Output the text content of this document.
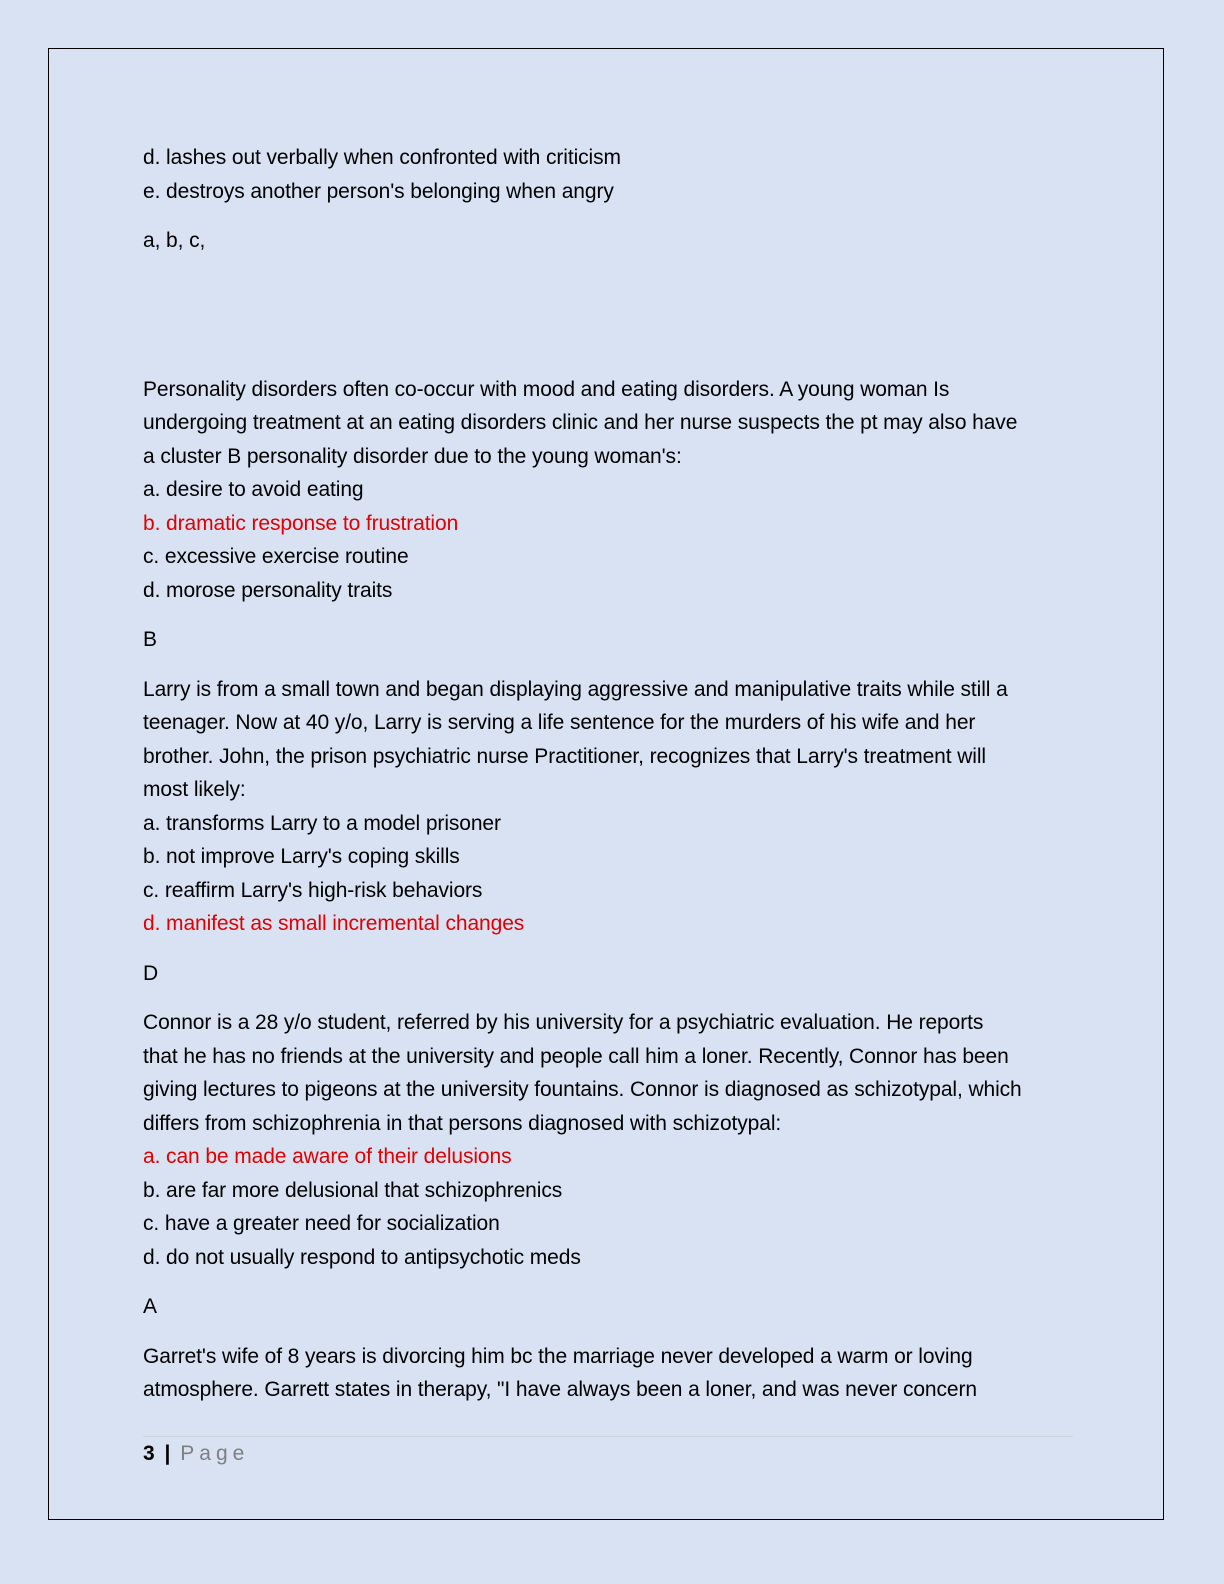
d. lashes out verbally when confronted with criticism
e. destroys another person's belonging when angry
a, b, c,
Personality disorders often co-occur with mood and eating disorders. A young woman Is
undergoing treatment at an eating disorders clinic and her nurse suspects the pt may also have
a cluster B personality disorder due to the young woman's:
a. desire to avoid eating
b. dramatic response to frustration
c. excessive exercise routine
d. morose personality traits
B
Larry is from a small town and began displaying aggressive and manipulative traits while still a
teenager. Now at 40 y/o, Larry is serving a life sentence for the murders of his wife and her
brother. John, the prison psychiatric nurse Practitioner, recognizes that Larry's treatment will
most likely:
a. transforms Larry to a model prisoner
b. not improve Larry's coping skills
c. reaffirm Larry's high-risk behaviors
d. manifest as small incremental changes
D
Connor is a 28 y/o student, referred by his university for a psychiatric evaluation. He reports
that he has no friends at the university and people call him a loner. Recently, Connor has been
giving lectures to pigeons at the university fountains. Connor is diagnosed as schizotypal, which
differs from schizophrenia in that persons diagnosed with schizotypal:
a. can be made aware of their delusions
b. are far more delusional that schizophrenics
c. have a greater need for socialization
d. do not usually respond to antipsychotic meds
A
Garret's wife of 8 years is divorcing him bc the marriage never developed a warm or loving
atmosphere. Garrett states in therapy, "I have always been a loner, and was never concern
3 | Page
